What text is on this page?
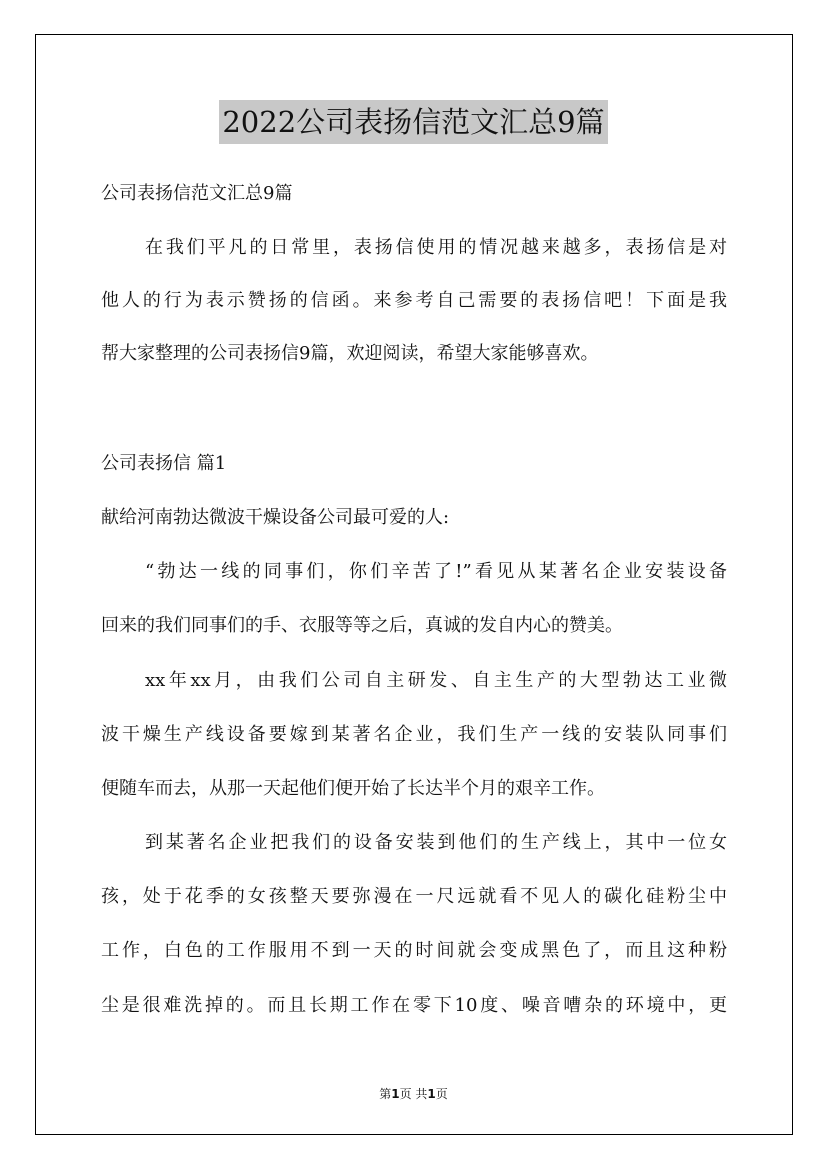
2022公司表扬信范文汇总9篇
公司表扬信范文汇总9篇
在我们平凡的日常里，表扬信使用的情况越来越多，表扬信是对
他人的行为表示赞扬的信函。来参考自己需要的表扬信吧！下面是我
帮大家整理的公司表扬信9篇，欢迎阅读，希望大家能够喜欢。
公司表扬信 篇1
献给河南勃达微波干燥设备公司最可爱的人:
“勃达一线的同事们，你们辛苦了!”看见从某著名企业安装设备
回来的我们同事们的手、衣服等等之后，真诚的发自内心的赞美。
xx年xx月，由我们公司自主研发、自主生产的大型勃达工业微
波干燥生产线设备要嫁到某著名企业，我们生产一线的安装队同事们
便随车而去，从那一天起他们便开始了长达半个月的艰辛工作。
到某著名企业把我们的设备安装到他们的生产线上，其中一位女
孩，处于花季的女孩整天要弥漫在一尺远就看不见人的碳化硅粉尘中
工作，白色的工作服用不到一天的时间就会变成黑色了，而且这种粉
尘是很难洗掉的。而且长期工作在零下10度、噪音嘈杂的环境中，更
第1页 共1页
